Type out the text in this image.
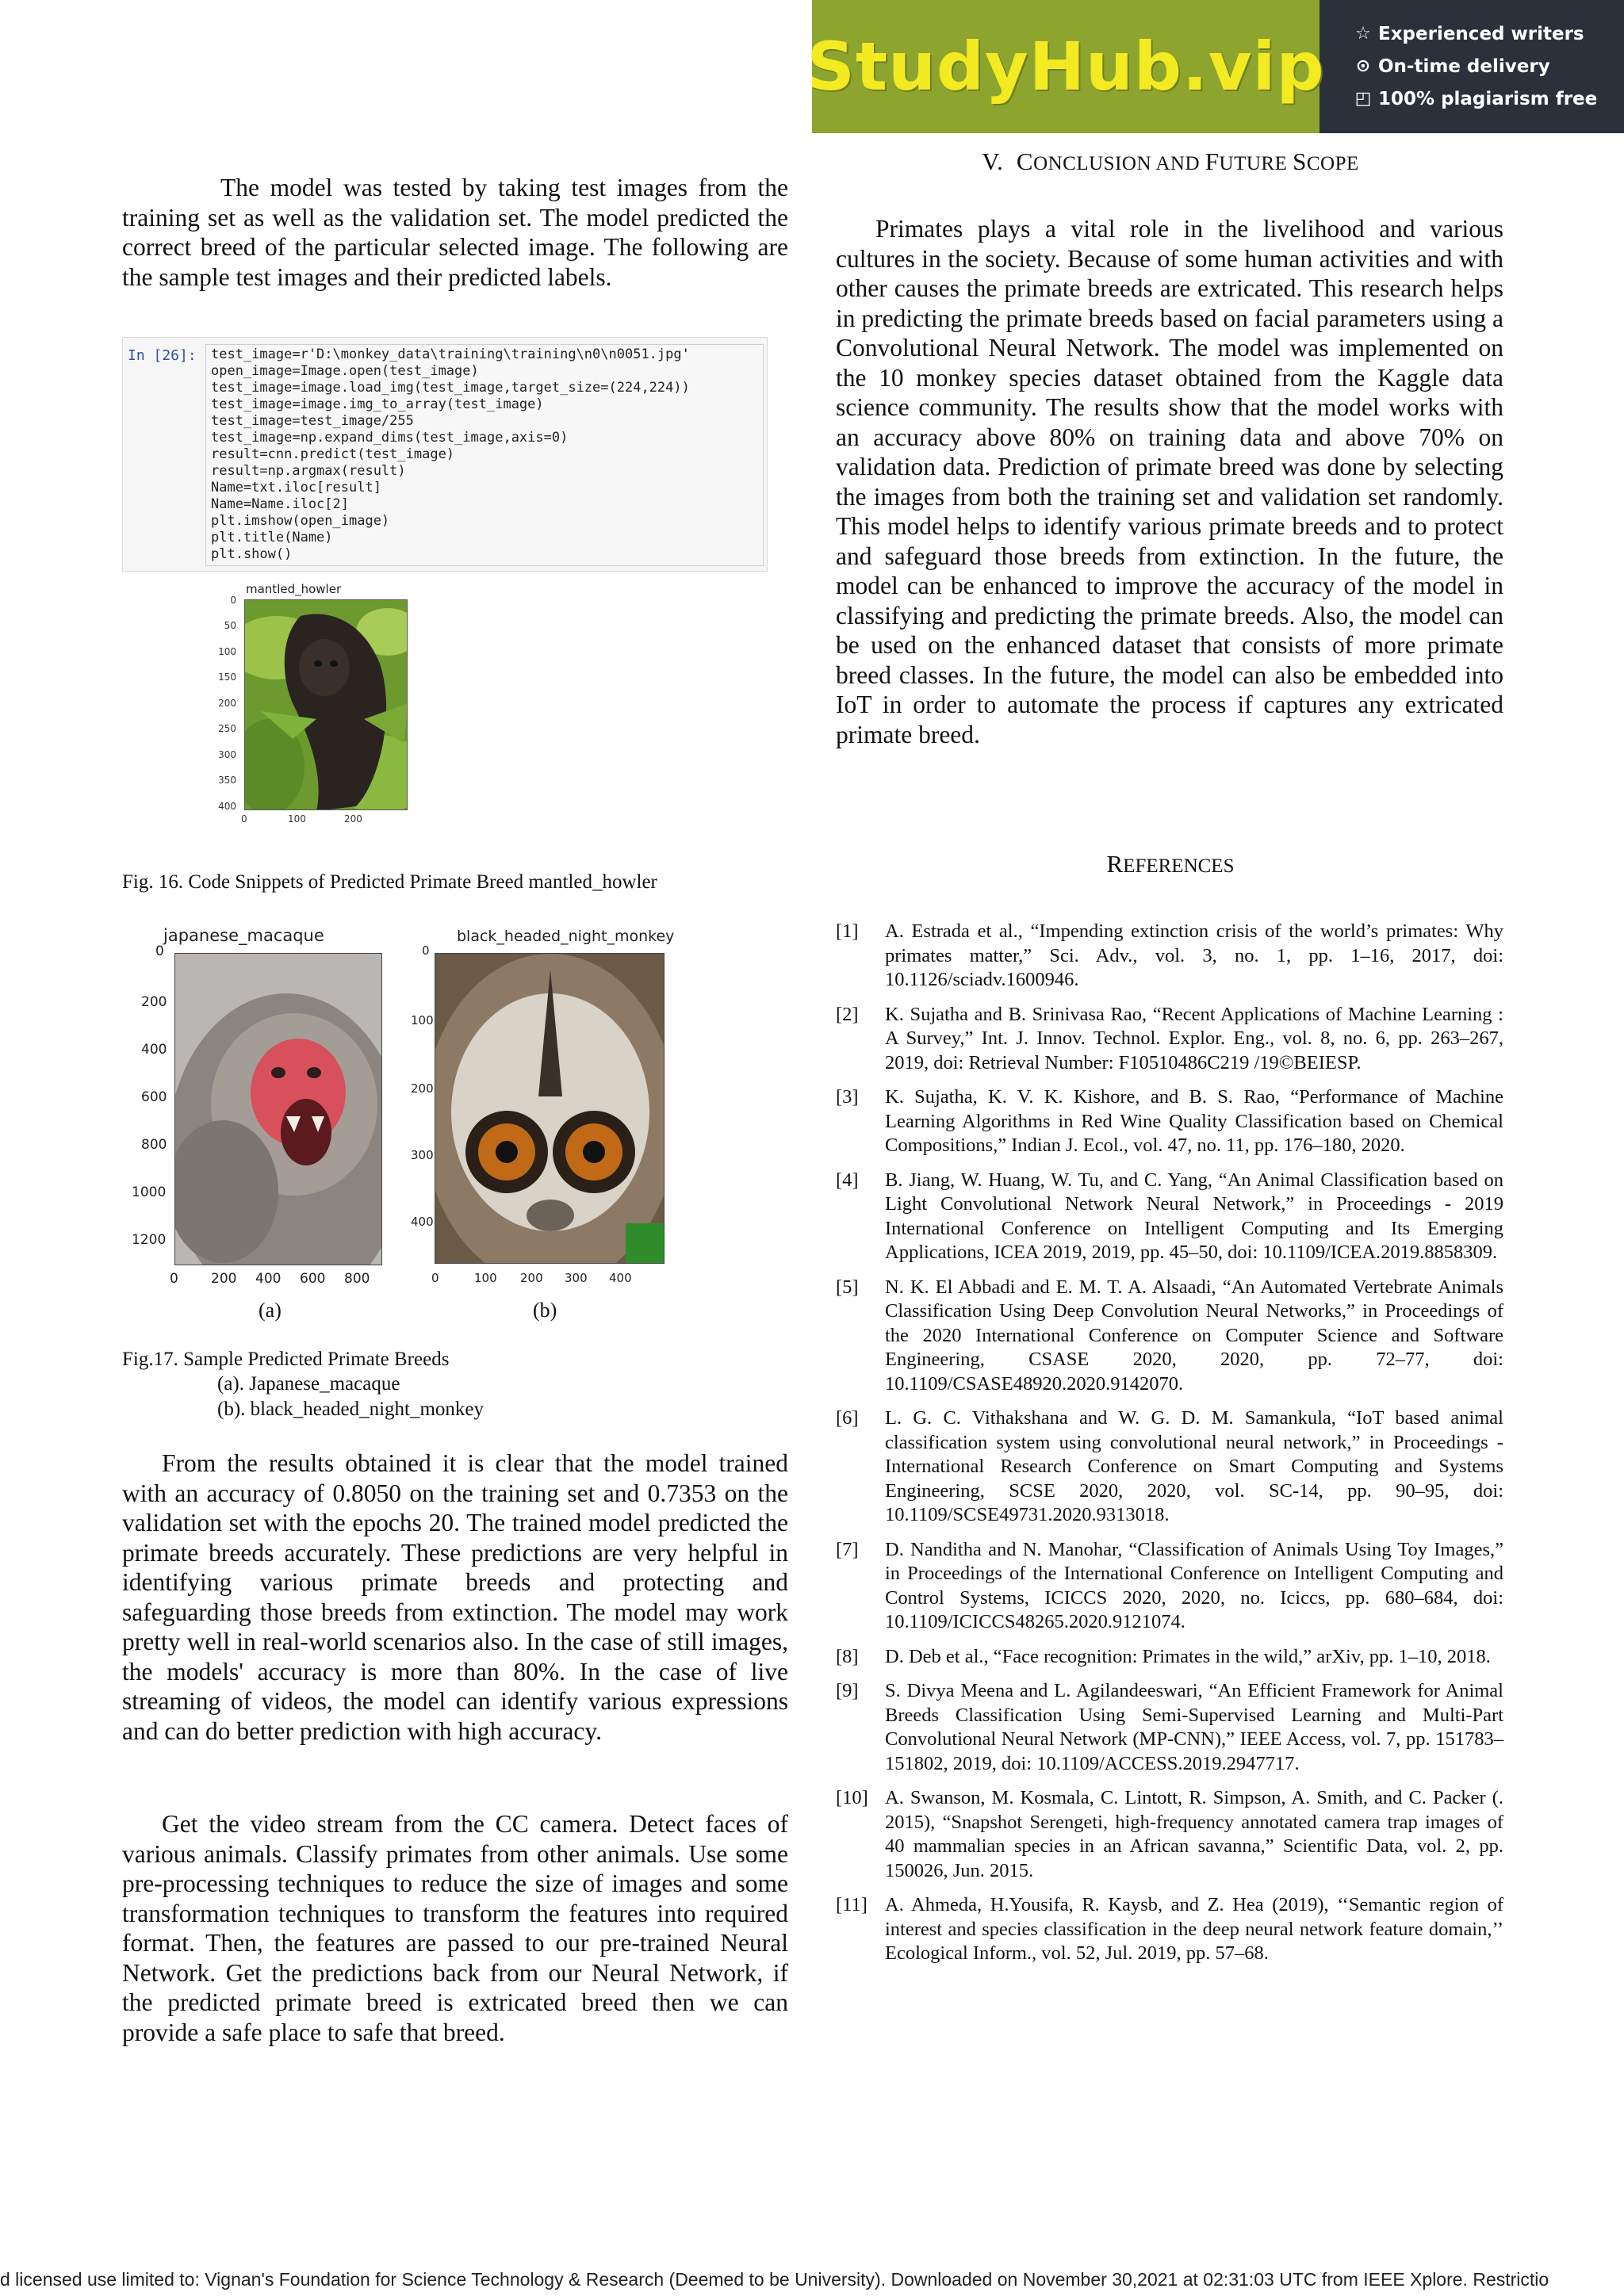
StudyHub.vip ☆ Experienced writers
⊙ On-time delivery
◰ 100% plagiarism free

The model was tested by taking test images from the training set as well as the validation set. The model predicted the correct breed of the particular selected image. The following are the sample test images and their predicted labels.

In [26]: test_image=r'D:\monkey_data\training\training\n0\n0051.jpg'
open_image=Image.open(test_image)
test_image=image.load_img(test_image,target_size=(224,224))
test_image=image.img_to_array(test_image)
test_image=test_image/255
test_image=np.expand_dims(test_image,axis=0)
result=cnn.predict(test_image)
result=np.argmax(result)
Name=txt.iloc[result]
Name=Name.iloc[2]
plt.imshow(open_image)
plt.title(Name)
plt.show()
mantled_howler
0
50
100
150
200
250
300
350
400
0	100	200
Fig. 16. Code Snippets of Predicted Primate Breed mantled_howler
japanese_macaque
0
200
400
600
800
1000
1200
0 200 400 600 800
(a)
black_headed_night_monkey
0
100
200
300
400
0	100 200 300 400
(b)
Fig.17. Sample Predicted Primate Breeds
(a). Japanese_macaque
(b). black_headed_night_monkey

From the results obtained it is clear that the model trained with an accuracy of 0.8050 on the training set and 0.7353 on the validation set with the epochs 20. The trained model predicted the primate breeds accurately. These predictions are very helpful in identifying various primate breeds and protecting and safeguarding those breeds from extinction. The model may work pretty well in real-world scenarios also. In the case of still images, the models' accuracy is more than 80%. In the case of live streaming of videos, the model can identify various expressions and can do better prediction with high accuracy.

Get the video stream from the CC camera. Detect faces of various animals. Classify primates from other animals. Use some pre-processing techniques to reduce the size of images and some transformation techniques to transform the features into required format. Then, the features are passed to our pre-trained Neural Network. Get the predictions back from our Neural Network, if the predicted primate breed is extricated breed then we can provide a safe place to safe that breed.

V. CONCLUSION AND FUTURE SCOPE

Primates plays a vital role in the livelihood and various cultures in the society. Because of some human activities and with other causes the primate breeds are extricated. This research helps in predicting the primate breeds based on facial parameters using a Convolutional Neural Network. The model was implemented on the 10 monkey species dataset obtained from the Kaggle data science community. The results show that the model works with an accuracy above 80% on training data and above 70% on validation data. Prediction of primate breed was done by selecting the images from both the training set and validation set randomly. This model helps to identify various primate breeds and to protect and safeguard those breeds from extinction. In the future, the model can be enhanced to improve the accuracy of the model in classifying and predicting the primate breeds. Also, the model can be used on the enhanced dataset that consists of more primate breed classes. In the future, the model can also be embedded into IoT in order to automate the process if captures any extricated primate breed.

REFERENCES
[1]	A. Estrada et al., “Impending extinction crisis of the world’s primates: Why primates matter,” Sci. Adv., vol. 3, no. 1, pp. 1–16, 2017, doi: 10.1126/sciadv.1600946.
[2]	K. Sujatha and B. Srinivasa Rao, “Recent Applications of Machine Learning : A Survey,” Int. J. Innov. Technol. Explor. Eng., vol. 8, no. 6, pp. 263–267, 2019, doi: Retrieval Number: F10510486C219 /19©BEIESP.
[3]	K. Sujatha, K. V. K. Kishore, and B. S. Rao, “Performance of Machine Learning Algorithms in Red Wine Quality Classification based on Chemical Compositions,” Indian J. Ecol., vol. 47, no. 11, pp. 176–180, 2020.
[4]	B. Jiang, W. Huang, W. Tu, and C. Yang, “An Animal Classification based on Light Convolutional Network Neural Network,” in Proceedings - 2019 International Conference on Intelligent Computing and Its Emerging Applications, ICEA 2019, 2019, pp. 45–50, doi: 10.1109/ICEA.2019.8858309.
[5]	N. K. El Abbadi and E. M. T. A. Alsaadi, “An Automated Vertebrate Animals Classification Using Deep Convolution Neural Networks,” in Proceedings of the 2020 International Conference on Computer Science and Software Engineering, CSASE 2020, 2020, pp. 72–77, doi: 10.1109/CSASE48920.2020.9142070.
[6]	L. G. C. Vithakshana and W. G. D. M. Samankula, “IoT based animal classification system using convolutional neural network,” in Proceedings - International Research Conference on Smart Computing and Systems Engineering, SCSE 2020, 2020, vol. SC-14, pp. 90–95, doi: 10.1109/SCSE49731.2020.9313018.
[7]	D. Nanditha and N. Manohar, “Classification of Animals Using Toy Images,” in Proceedings of the International Conference on Intelligent Computing and Control Systems, ICICCS 2020, 2020, no. Iciccs, pp. 680–684, doi: 10.1109/ICICCS48265.2020.9121074.
[8]	D. Deb et al., “Face recognition: Primates in the wild,” arXiv, pp. 1–10, 2018.
[9]	S. Divya Meena and L. Agilandeeswari, “An Efficient Framework for Animal Breeds Classification Using Semi-Supervised Learning and Multi-Part Convolutional Neural Network (MP-CNN),” IEEE Access, vol. 7, pp. 151783–151802, 2019, doi: 10.1109/ACCESS.2019.2947717.
[10] A. Swanson, M. Kosmala, C. Lintott, R. Simpson, A. Smith, and C. Packer (. 2015), “Snapshot Serengeti, high-frequency annotated camera trap images of 40 mammalian species in an African savanna,” Scientific Data, vol. 2, pp. 150026, Jun. 2015.
[11] A. Ahmeda, H.Yousifa, R. Kaysb, and Z. Hea (2019), ‘‘Semantic region of interest and species classification in the deep neural network feature domain,’’ Ecological Inform., vol. 52, Jul. 2019, pp. 57–68.
d licensed use limited to: Vignan's Foundation for Science Technology & Research (Deemed to be University). Downloaded on November 30,2021 at 02:31:03 UTC from IEEE Xplore. Restrictio
